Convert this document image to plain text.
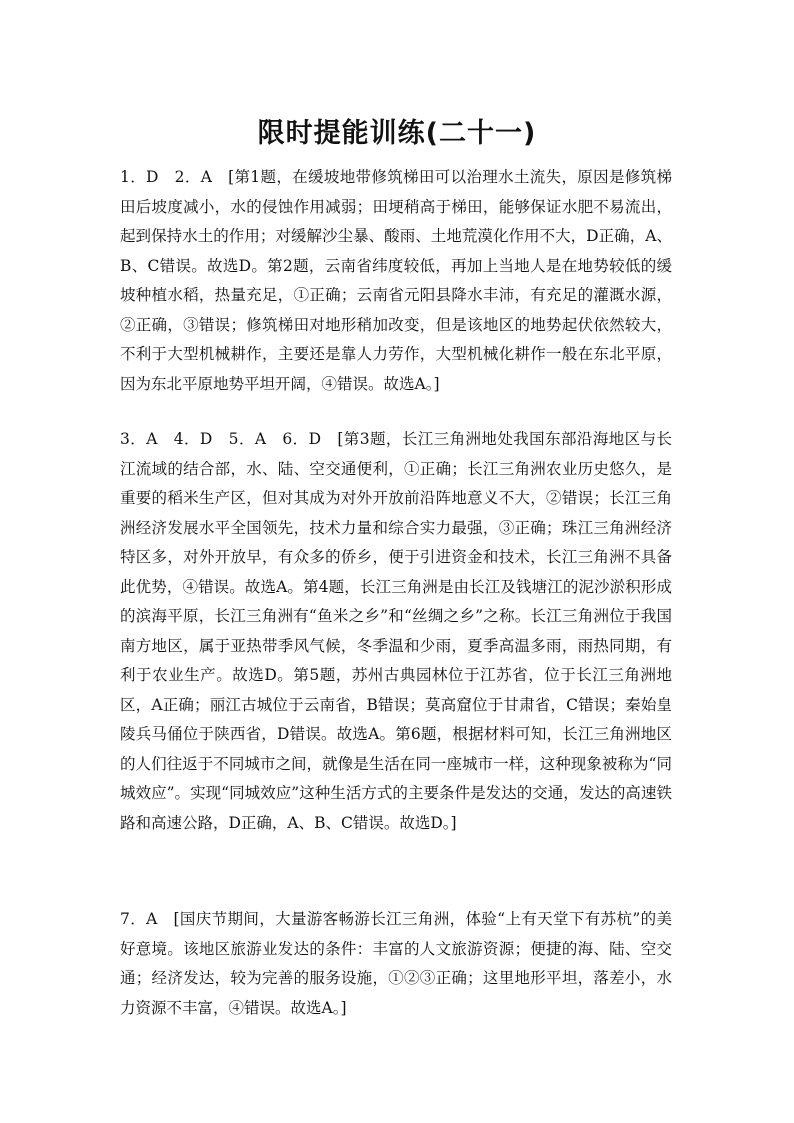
限时提能训练(二十一)

1．D　2．A　[第1题，在缓坡地带修筑梯田可以治理水土流失，原因是修筑梯田后坡度减小，水的侵蚀作用减弱；田埂稍高于梯田，能够保证水肥不易流出，起到保持水土的作用；对缓解沙尘暴、酸雨、土地荒漠化作用不大，D正确，A、B、C错误。故选D。第2题，云南省纬度较低，再加上当地人是在地势较低的缓坡种植水稻，热量充足，①正确；云南省元阳县降水丰沛，有充足的灌溉水源，②正确，③错误；修筑梯田对地形稍加改变，但是该地区的地势起伏依然较大，不利于大型机械耕作，主要还是靠人力劳作，大型机械化耕作一般在东北平原，因为东北平原地势平坦开阔，④错误。故选A。]

3．A　4．D　5．A　6．D　[第3题，长江三角洲地处我国东部沿海地区与长江流域的结合部，水、陆、空交通便利，①正确；长江三角洲农业历史悠久，是重要的稻米生产区，但对其成为对外开放前沿阵地意义不大，②错误；长江三角洲经济发展水平全国领先，技术力量和综合实力最强，③正确；珠江三角洲经济特区多，对外开放早，有众多的侨乡，便于引进资金和技术，长江三角洲不具备此优势，④错误。故选A。第4题，长江三角洲是由长江及钱塘江的泥沙淤积形成的滨海平原，长江三角洲有“鱼米之乡”和“丝绸之乡”之称。长江三角洲位于我国南方地区，属于亚热带季风气候，冬季温和少雨，夏季高温多雨，雨热同期，有利于农业生产。故选D。第5题，苏州古典园林位于江苏省，位于长江三角洲地区，A正确；丽江古城位于云南省，B错误；莫高窟位于甘肃省，C错误；秦始皇陵兵马俑位于陕西省，D错误。故选A。第6题，根据材料可知，长江三角洲地区的人们往返于不同城市之间，就像是生活在同一座城市一样，这种现象被称为“同城效应”。实现“同城效应”这种生活方式的主要条件是发达的交通，发达的高速铁路和高速公路，D正确，A、B、C错误。故选D。]

7．A　[国庆节期间，大量游客畅游长江三角洲，体验“上有天堂下有苏杭”的美好意境。该地区旅游业发达的条件：丰富的人文旅游资源；便捷的海、陆、空交通；经济发达，较为完善的服务设施，①②③正确；这里地形平坦，落差小，水力资源不丰富，④错误。故选A。]
